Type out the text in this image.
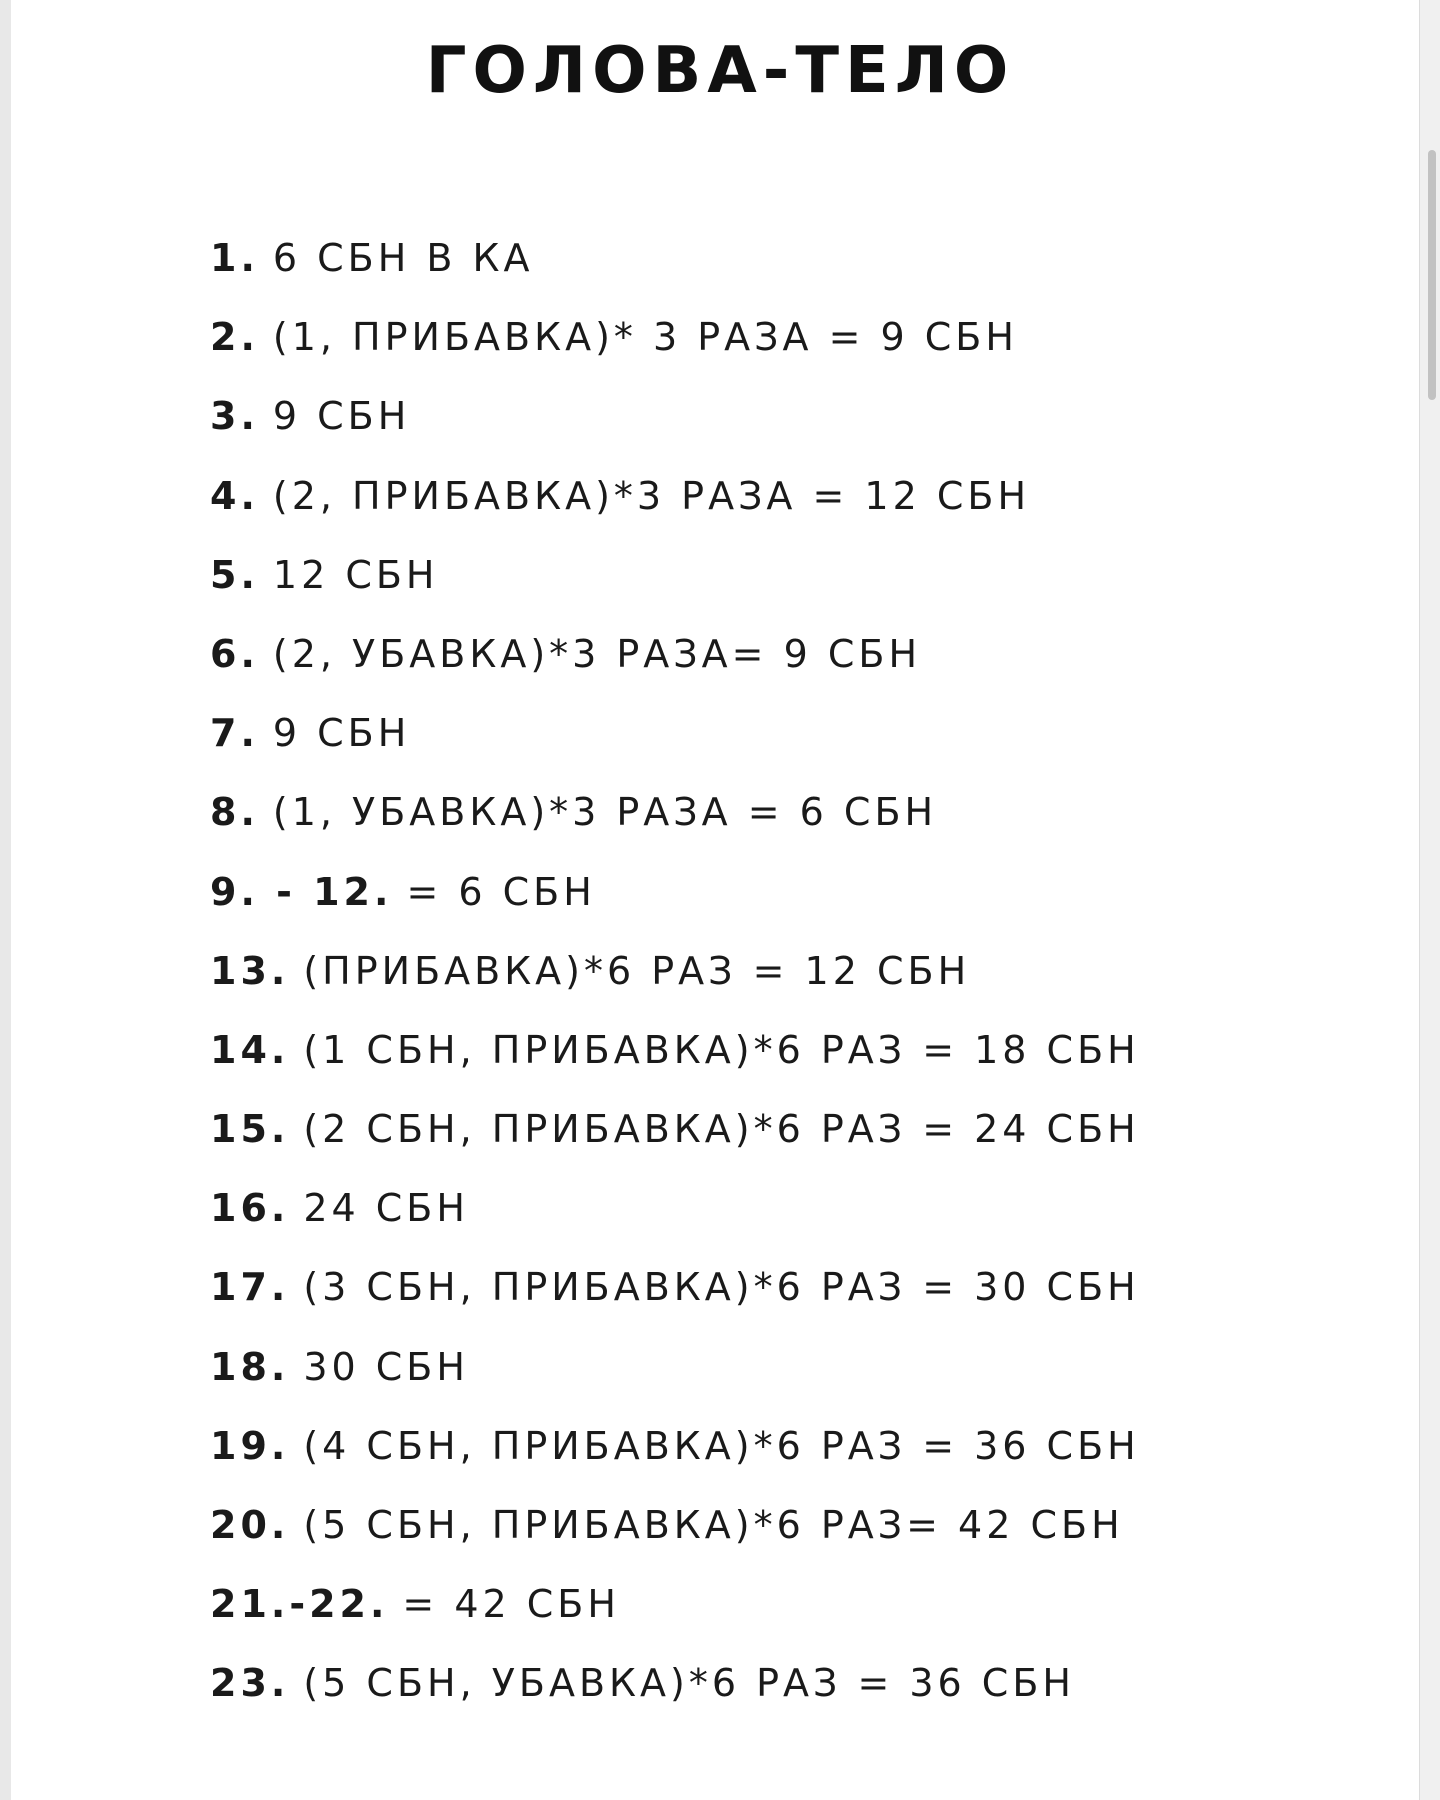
ГОЛОВА-ТЕЛО
1. 6 СБН В КА
2. (1, ПРИБАВКА)* 3 РАЗА = 9 СБН
3. 9 СБН
4. (2, ПРИБАВКА)*3 РАЗА = 12 СБН
5. 12 СБН
6. (2, УБАВКА)*3 РАЗА= 9 СБН
7. 9 СБН
8. (1, УБАВКА)*3 РАЗА = 6 СБН
9. - 12. = 6 СБН
13. (ПРИБАВКА)*6 РАЗ = 12 СБН
14. (1 СБН, ПРИБАВКА)*6 РАЗ = 18 СБН
15. (2 СБН, ПРИБАВКА)*6 РАЗ = 24 СБН
16. 24 СБН
17. (3 СБН, ПРИБАВКА)*6 РАЗ = 30 СБН
18. 30 СБН
19. (4 СБН, ПРИБАВКА)*6 РАЗ = 36 СБН
20. (5 СБН, ПРИБАВКА)*6 РАЗ= 42 СБН
21.-22. = 42 СБН
23. (5 СБН, УБАВКА)*6 РАЗ = 36 СБН
